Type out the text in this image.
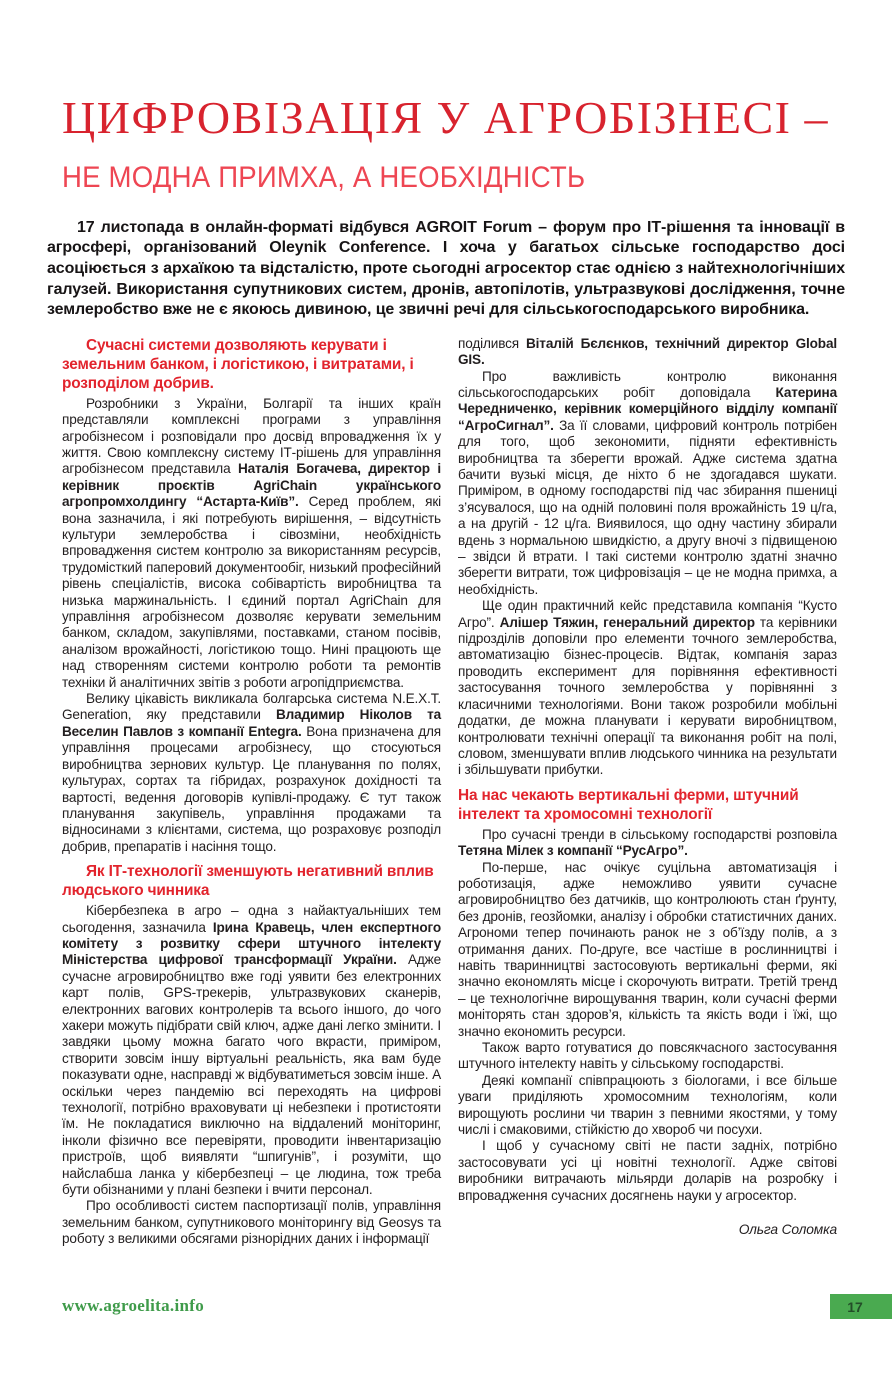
ЦИФРОВІЗАЦІЯ У АГРОБІЗНЕСІ –
НЕ МОДНА ПРИМХА, А НЕОБХІДНІСТЬ

17 листопада в онлайн-форматі відбувся AGROIT Forum – форум про ІТ-рішення та інновації в агросфері, організований Oleynik Conference. І хоча у багатьох сільське господарство досі асоціюється з архаїкою та відсталістю, проте сьогодні агросектор стає однією з найтехнологічніших галузей. Використання супутникових систем, дронів, автопілотів, ультразвукові дослідження, точне землеробство вже не є якоюсь дивиною, це звичні речі для сільськогосподарського виробника.

Сучасні системи дозволяють керувати і земельним банком, і логістикою, і витратами, і розподілом добрив.

Розробники з України, Болгарії та інших країн представляли комплексні програми з управління агробізнесом і розповідали про досвід впровадження їх у життя. Свою комплексну систему ІТ-рішень для управління агробізнесом представила Наталія Богачева, директор і керівник проєктів AgriChain українського агропромхолдингу “Астарта-Київ”. Серед проблем, які вона зазначила, і які потребують вирішення, – відсутність культури землеробства і сівозміни, необхідність впровадження систем контролю за використанням ресурсів, трудомісткий паперовий документообіг, низький професійний рівень спеціалістів, висока собівартість виробництва та низька маржинальність. І єдиний портал AgriChain для управління агробізнесом дозволяє керувати земельним банком, складом, закупівлями, поставками, станом посівів, аналізом врожайності, логістикою тощо. Нині працюють ще над створенням системи контролю роботи та ремонтів техніки й аналітичних звітів з роботи агропідприємства.

Велику цікавість викликала болгарська система N.E.X.T. Generation, яку представили Владимир Ніколов та Веселин Павлов з компанії Entegra. Вона призначена для управління процесами агробізнесу, що стосуються виробництва зернових культур. Це планування по полях, культурах, сортах та гібридах, розрахунок дохідності та вартості, ведення договорів купівлі-продажу. Є тут також планування закупівель, управління продажами та відносинами з клієнтами, система, що розраховує розподіл добрив, препаратів і насіння тощо.

Як ІТ-технології зменшують негативний вплив людського чинника

Кібербезпека в агро – одна з найактуальніших тем сьогодення, зазначила Ірина Кравець, член експертного комітету з розвитку сфери штучного інтелекту Міністерства цифрової трансформації України. Адже сучасне агровиробництво вже годі уявити без електронних карт полів, GPS-трекерів, ультразвукових сканерів, електронних вагових контролерів та всього іншого, до чого хакери можуть підібрати свій ключ, адже дані легко змінити. І завдяки цьому можна багато чого вкрасти, приміром, створити зовсім іншу віртуальні реальність, яка вам буде показувати одне, насправді ж відбуватиметься зовсім інше. А оскільки через пандемію всі переходять на цифрові технології, потрібно враховувати ці небезпеки і протистояти їм. Не покладатися виключно на віддалений моніторинг, інколи фізично все перевіряти, проводити інвентаризацію пристроїв, щоб виявляти “шпигунів”, і розуміти, що найслабша ланка у кібербезпеці – це людина, тож треба бути обізнаними у плані безпеки і вчити персонал.

Про особливості систем паспортизації полів, управління земельним банком, супутникового моніторингу від Geosys та роботу з великими обсягами різнорідних даних і інформації

поділився Віталій Бєлєнков, технічний директор Global GIS.

Про важливість контролю виконання сільськогосподарських робіт доповідала Катерина Чередниченко, керівник комерційного відділу компанії “АгроСигнал”. За її словами, цифровий контроль потрібен для того, щоб зекономити, підняти ефективність виробництва та зберегти врожай. Адже система здатна бачити вузькі місця, де ніхто б не здогадався шукати. Приміром, в одному господарстві під час збирання пшениці з’ясувалося, що на одній половині поля врожайність 19 ц/га, а на другій - 12 ц/га. Виявилося, що одну частину збирали вдень з нормальною швидкістю, а другу вночі з підвищеною – звідси й втрати. І такі системи контролю здатні значно зберегти витрати, тож цифровізація – це не модна примха, а необхідність.

Ще один практичний кейс представила компанія “Кусто Агро”. Алішер Тяжин, генеральний директор та керівники підрозділів доповіли про елементи точного землеробства, автоматизацію бізнес-процесів. Відтак, компанія зараз проводить експеримент для порівняння ефективності застосування точного землеробства у порівнянні з класичними технологіями. Вони також розробили мобільні додатки, де можна планувати і керувати виробництвом, контролювати технічні операції та виконання робіт на полі, словом, зменшувати вплив людського чинника на результати і збільшувати прибутки.

На нас чекають вертикальні ферми, штучний інтелект та хромосомні технології

Про сучасні тренди в сільському господарстві розповіла Тетяна Мілек з компанії “РусАгро”.

По-перше, нас очікує суцільна автоматизація і роботизація, адже неможливо уявити сучасне агровиробництво без датчиків, що контролюють стан ґрунту, без дронів, геозйомки, аналізу і обробки статистичних даних. Агрономи тепер починають ранок не з об’їзду полів, а з отримання даних. По-друге, все частіше в рослинництві і навіть тваринництві застосовують вертикальні ферми, які значно економлять місце і скорочують витрати. Третій тренд – це технологічне вирощування тварин, коли сучасні ферми моніторять стан здоров’я, кількість та якість води і їжі, що значно економить ресурси.

Також варто готуватися до повсякчасного застосування штучного інтелекту навіть у сільському господарстві.

Деякі компанії співпрацюють з біологами, і все більше уваги приділяють хромосомним технологіям, коли вирощують рослини чи тварин з певними якостями, у тому числі і смаковими, стійкістю до хвороб чи посухи.

І щоб у сучасному світі не пасти задніх, потрібно застосовувати усі ці новітні технології. Адже світові виробники витрачають мільярди доларів на розробку і впровадження сучасних досягнень науки у агросектор.

Ольга Соломка

www.agroelita.info	17
